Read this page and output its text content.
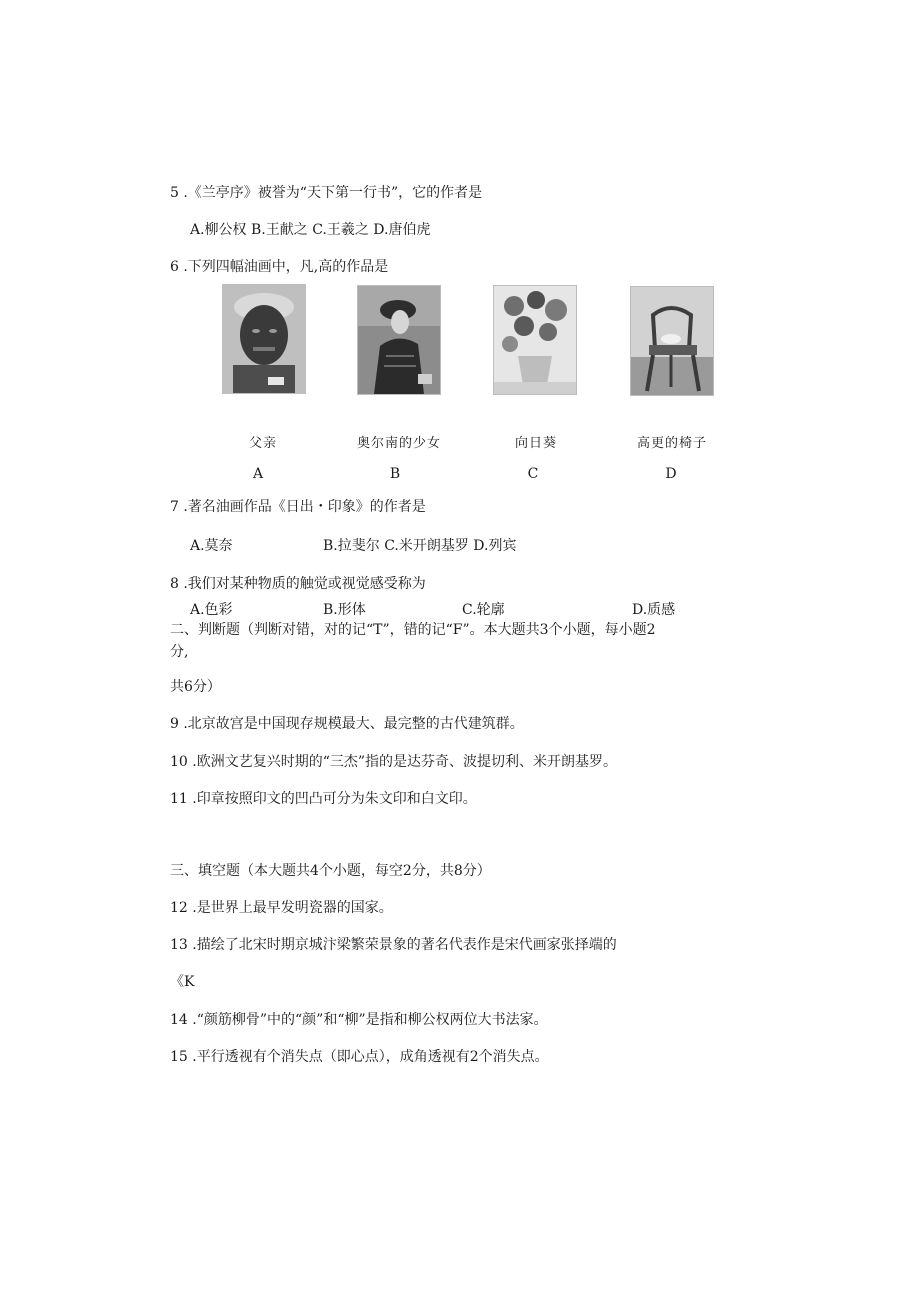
5 .《兰亭序》被誉为“天下第一行书”，它的作者是
A.柳公权 B.王献之 C.王羲之 D.唐伯虎
6 .下列四幅油画中，凡,高的作品是
父亲	奥尔南的少女	向日葵	高更的椅子
A	B	C	D
7 .著名油画作品《日出・印象》的作者是
A.莫奈	B.拉斐尔 C.米开朗基罗 D.列宾
8 .我们对某种物质的触觉或视觉感受称为
A.色彩	B.形体	C.轮廓	D.质感
二、判断题（判断对错，对的记“T”，错的记“F”。本大题共3个小题，每小题2
分,
共6分）
9 .北京故宫是中国现存规模最大、最完整的古代建筑群。
10 .欧洲文艺复兴时期的“三杰”指的是达芬奇、波提切利、米开朗基罗。
11 .印章按照印文的凹凸可分为朱文印和白文印。
三、填空题（本大题共4个小题，每空2分，共8分）
12 .是世界上最早发明瓷器的国家。
13 .描绘了北宋时期京城汴梁繁荣景象的著名代表作是宋代画家张择端的
《K
14 .“颜筋柳骨”中的“颜”和“柳”是指和柳公权两位大书法家。
15 .平行透视有个消失点（即心点），成角透视有2个消失点。
